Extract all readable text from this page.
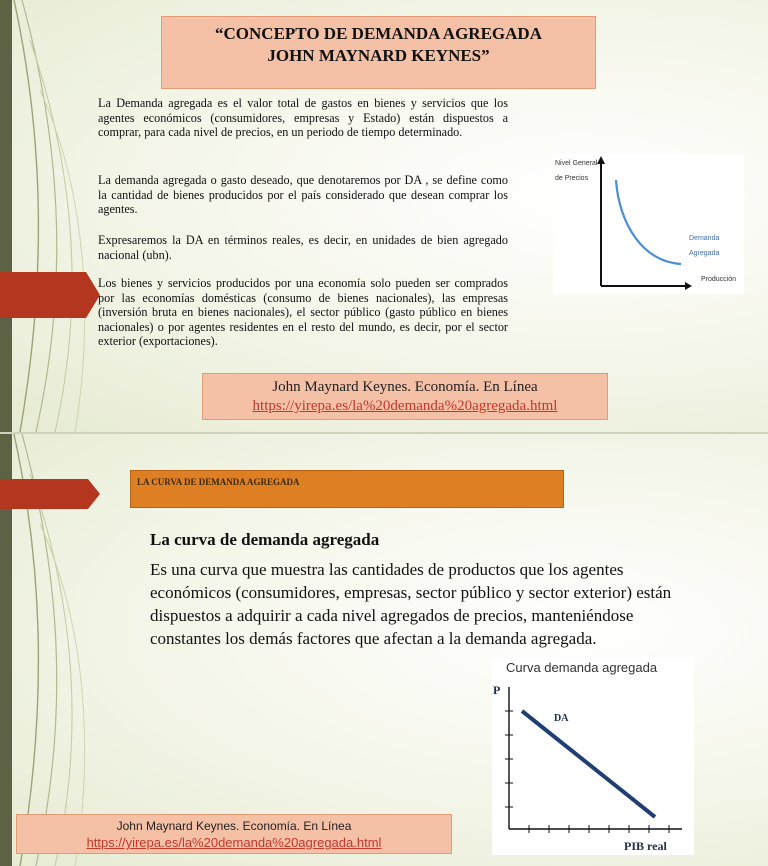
“CONCEPTO DE DEMANDA AGREGADA
JOHN MAYNARD KEYNES”

La Demanda agregada es el valor total de gastos en bienes y servicios que los agentes económicos (consumidores, empresas y Estado) están dispuestos a comprar, para cada nivel de precios, en un periodo de tiempo determinado.

La demanda agregada o gasto deseado, que denotaremos por DA , se define como la cantidad de bienes producidos por el país considerado que desean comprar los agentes.

Expresaremos la DA en términos reales, es decir, en unidades de bien agregado nacional (ubn).

Los bienes y servicios producidos por una economía solo pueden ser comprados por las economías domésticas (consumo de bienes nacionales), las empresas (inversión bruta en bienes nacionales), el sector público (gasto público en bienes nacionales) o por agentes residentes en el resto del mundo, es decir, por el sector exterior (exportaciones).

Nivel General
de Precios
Demanda
Agregada
Producción
John Maynard Keynes. Economía. En Línea
https://yirepa.es/la%20demanda%20agregada.html
LA CURVA DE DEMANDA AGREGADA
La curva de demanda agregada

Es una curva que muestra las cantidades de productos que los agentes económicos (consumidores, empresas, sector público y sector exterior) están dispuestos a adquirir a cada nivel agregados de precios, manteniéndose constantes los demás factores que afectan a la demanda agregada.

John Maynard Keynes. Economía. En Línea
https://yirepa.es/la%20demanda%20agregada.html
Curva demanda agregada
P
DA
PIB real
